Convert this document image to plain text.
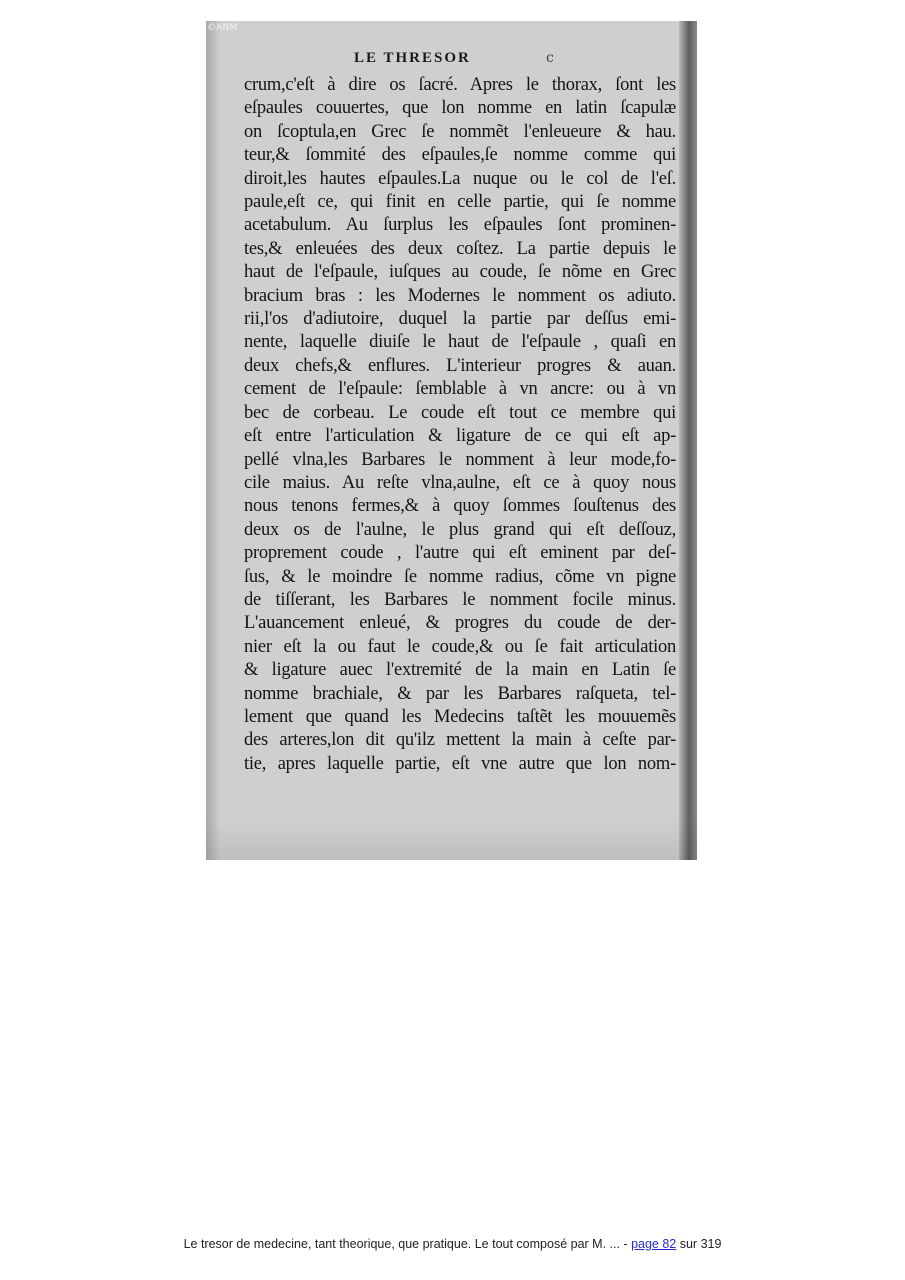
©ANM
LE THRESOR	c
crum,c'eſt à dire os ſacré. Apres le thorax, ſont les
eſpaules couuertes, que lon nomme en latin ſcapulæ
on ſcoptula,en Grec ſe nommẽt l'enleueure & hau.
teur,& ſommité des eſpaules,ſe nomme comme qui
diroit,les hautes eſpaules.La nuque ou le col de l'eſ.
paule,eſt ce, qui finit en celle partie, qui ſe nomme
acetabulum. Au ſurplus les eſpaules ſont prominen-
tes,& enleuées des deux coſtez. La partie depuis le
haut de l'eſpaule, iuſques au coude, ſe nõme en Grec
bracium bras : les Modernes le nomment os adiuto.
rii,l'os d'adiutoire, duquel la partie par deſſus emi-
nente, laquelle diuiſe le haut de l'eſpaule , quaſi en
deux chefs,& enflures. L'interieur progres & auan.
cement de l'eſpaule: ſemblable à vn ancre: ou à vn
bec de corbeau. Le coude eſt tout ce membre qui
eſt entre l'articulation & ligature de ce qui eſt ap-
pellé vlna,les Barbares le nomment à leur mode,fo-
cile maius. Au reſte vlna,aulne, eſt ce à quoy nous
nous tenons fermes,& à quoy ſommes ſouſtenus des
deux os de l'aulne, le plus grand qui eſt deſſouz,
proprement coude , l'autre qui eſt eminent par deſ-
ſus, & le moindre ſe nomme radius, cõme vn pigne
de tiſſerant, les Barbares le nomment focile minus.
L'auancement enleué, & progres du coude de der-
nier eſt la ou faut le coude,& ou ſe fait articulation
& ligature auec l'extremité de la main en Latin ſe
nomme brachiale, & par les Barbares raſqueta, tel-
lement que quand les Medecins taſtẽt les mouuemẽs
des arteres,lon dit qu'ilz mettent la main à ceſte par-
tie, apres laquelle partie, eſt vne autre que lon nom-
Le tresor de medecine, tant theorique, que pratique. Le tout composé par M. ... - page 82 sur 319
